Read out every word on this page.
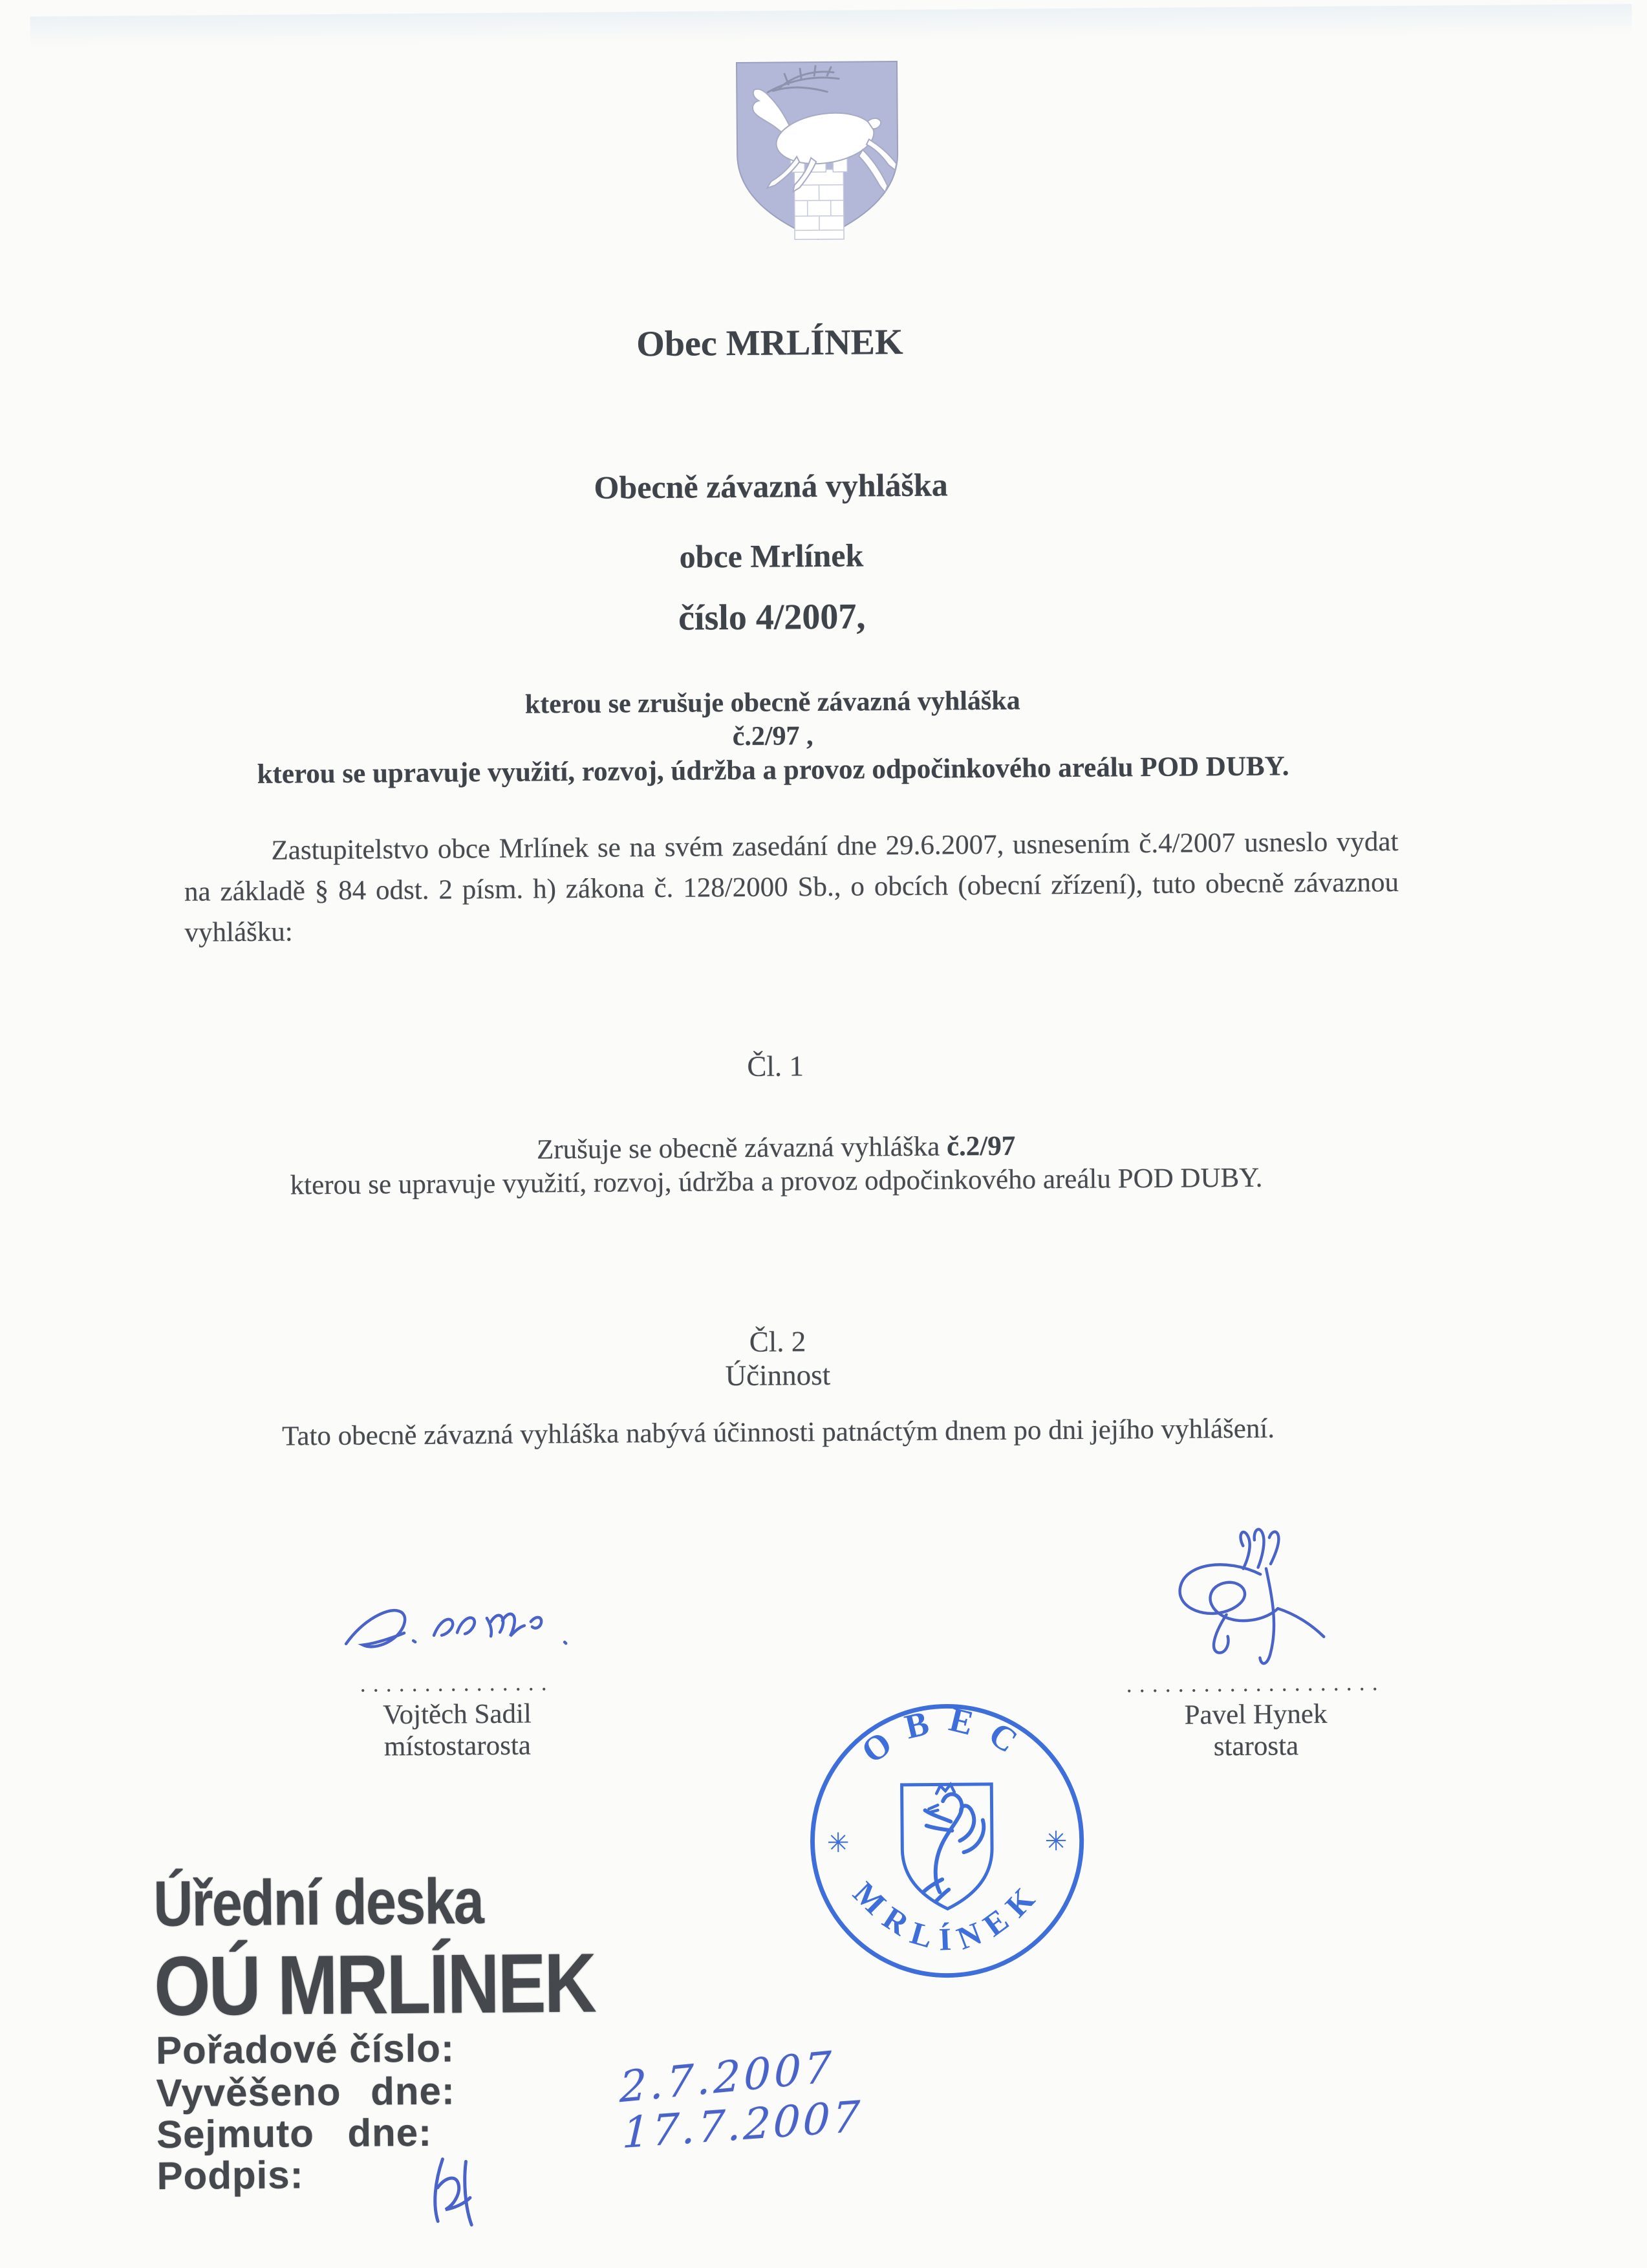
Obec MRLÍNEK
Obecně závazná vyhláška
obce Mrlínek
číslo 4/2007,
kterou se zrušuje obecně závazná vyhláška
č.2/97 ,
kterou se upravuje využití, rozvoj, údržba a provoz odpočinkového areálu POD DUBY.
Zastupitelstvo obce Mrlínek se na svém zasedání dne 29.6.2007, usnesením č.4/2007 usneslo vydat na základě § 84 odst. 2 písm. h) zákona č. 128/2000 Sb., o obcích (obecní zřízení), tuto obecně závaznou vyhlášku:
Čl. 1
Zrušuje se obecně závazná vyhláška č.2/97
kterou se upravuje využití, rozvoj, údržba a provoz odpočinkového areálu POD DUBY.
Čl. 2
Účinnost
Tato obecně závazná vyhláška nabývá účinnosti patnáctým dnem po dni jejího vyhlášení.
...............
Vojtěch Sadil
místostarosta
....................
Pavel Hynek
starosta
OBEC
MRLÍNEK
✳	✳
Úřední deska
OÚ MRLÍNEK
Pořadové číslo:
Vyvěšeno dne:
Sejmuto dne:
Podpis:
2.7.2007
17.7.2007
